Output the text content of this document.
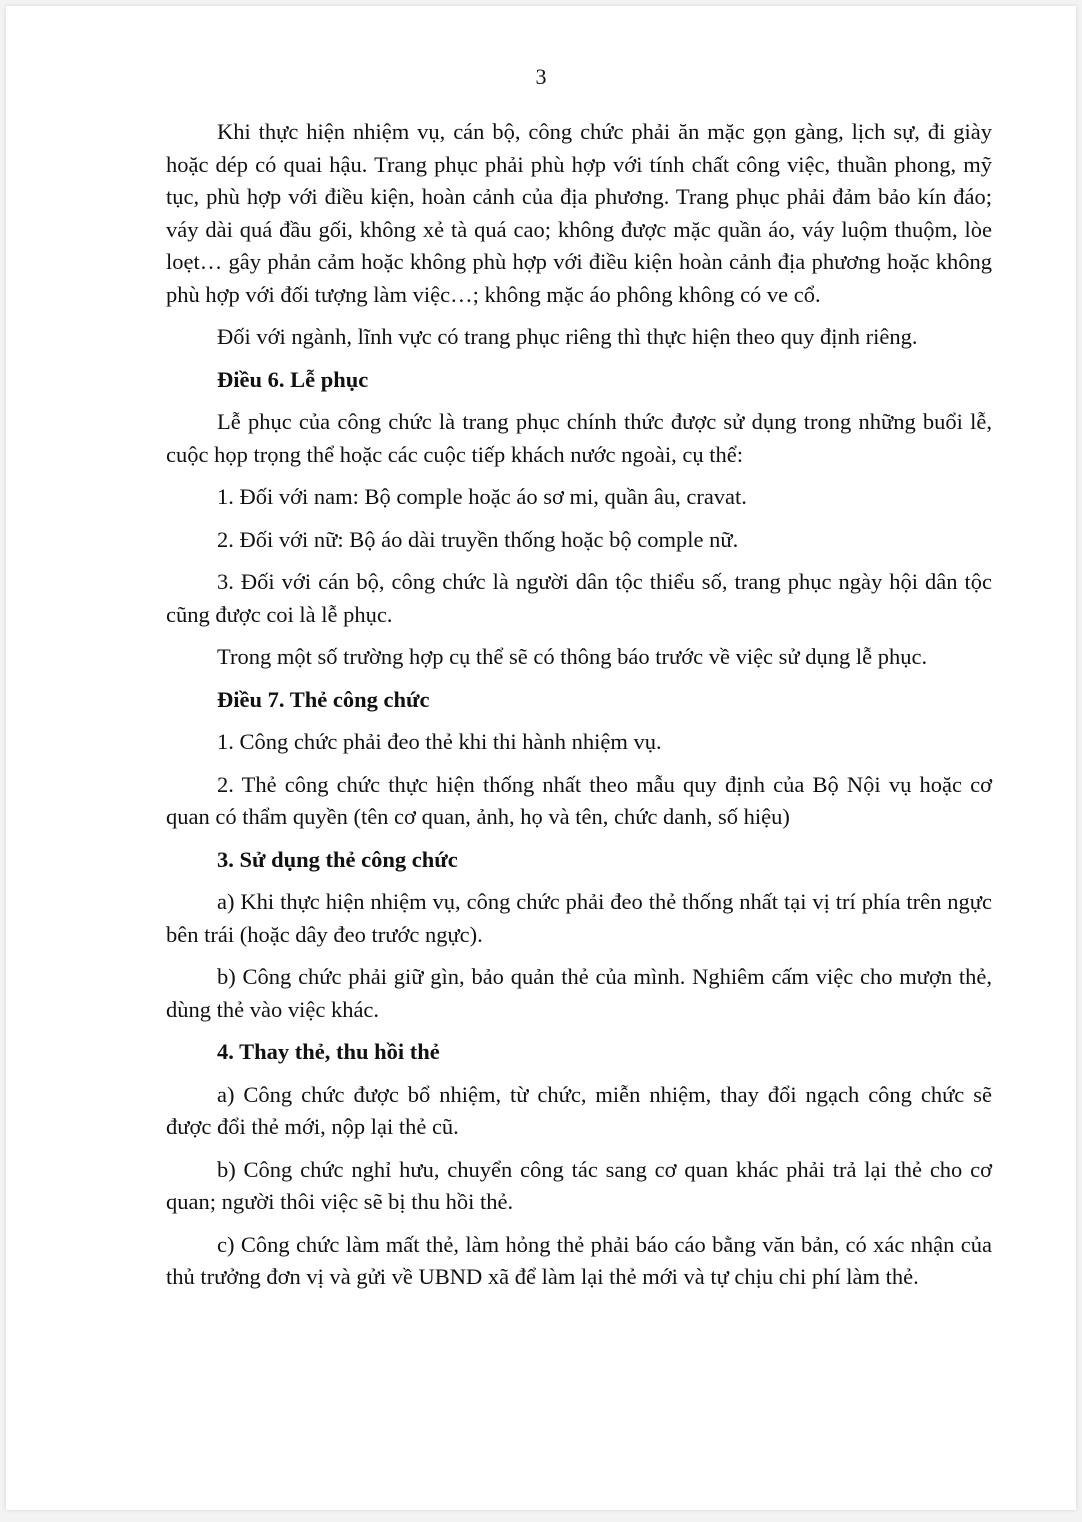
3

Khi thực hiện nhiệm vụ, cán bộ, công chức phải ăn mặc gọn gàng, lịch sự, đi giày hoặc dép có quai hậu. Trang phục phải phù hợp với tính chất công việc, thuần phong, mỹ tục, phù hợp với điều kiện, hoàn cảnh của địa phương. Trang phục phải đảm bảo kín đáo; váy dài quá đầu gối, không xẻ tà quá cao; không được mặc quần áo, váy luộm thuộm, lòe loẹt… gây phản cảm hoặc không phù hợp với điều kiện hoàn cảnh địa phương hoặc không phù hợp với đối tượng làm việc…; không mặc áo phông không có ve cổ.

Đối với ngành, lĩnh vực có trang phục riêng thì thực hiện theo quy định riêng.

Điều 6. Lễ phục

Lễ phục của công chức là trang phục chính thức được sử dụng trong những buổi lễ, cuộc họp trọng thể hoặc các cuộc tiếp khách nước ngoài, cụ thể:

1. Đối với nam: Bộ comple hoặc áo sơ mi, quần âu, cravat.

2. Đối với nữ: Bộ áo dài truyền thống hoặc bộ comple nữ.

3. Đối với cán bộ, công chức là người dân tộc thiểu số, trang phục ngày hội dân tộc cũng được coi là lễ phục.

Trong một số trường hợp cụ thể sẽ có thông báo trước về việc sử dụng lễ phục.

Điều 7. Thẻ công chức

1. Công chức phải đeo thẻ khi thi hành nhiệm vụ.

2. Thẻ công chức thực hiện thống nhất theo mẫu quy định của Bộ Nội vụ hoặc cơ quan có thẩm quyền (tên cơ quan, ảnh, họ và tên, chức danh, số hiệu)

3. Sử dụng thẻ công chức

a) Khi thực hiện nhiệm vụ, công chức phải đeo thẻ thống nhất tại vị trí phía trên ngực bên trái (hoặc dây đeo trước ngực).

b) Công chức phải giữ gìn, bảo quản thẻ của mình. Nghiêm cấm việc cho mượn thẻ, dùng thẻ vào việc khác.

4. Thay thẻ, thu hồi thẻ

a) Công chức được bổ nhiệm, từ chức, miễn nhiệm, thay đổi ngạch công chức sẽ được đổi thẻ mới, nộp lại thẻ cũ.

b) Công chức nghỉ hưu, chuyển công tác sang cơ quan khác phải trả lại thẻ cho cơ quan; người thôi việc sẽ bị thu hồi thẻ.

c) Công chức làm mất thẻ, làm hỏng thẻ phải báo cáo bằng văn bản, có xác nhận của thủ trưởng đơn vị và gửi về UBND xã để làm lại thẻ mới và tự chịu chi phí làm thẻ.
